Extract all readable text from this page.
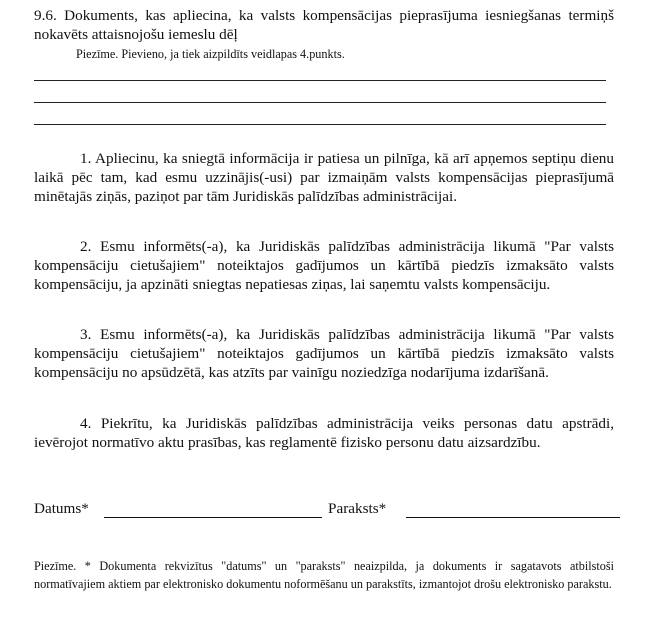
9.6. Dokuments, kas apliecina, ka valsts kompensācijas pieprasījuma iesniegšanas termiņš nokavēts attaisnojošu iemeslu dēļ

Piezīme. Pievieno, ja tiek aizpildīts veidlapas 4.punkts.

1. Apliecinu, ka sniegtā informācija ir patiesa un pilnīga, kā arī apņemos septiņu dienu laikā pēc tam, kad esmu uzzinājis(-usi) par izmaiņām valsts kompensācijas pieprasījumā minētajās ziņās, paziņot par tām Juridiskās palīdzības administrācijai.

2. Esmu informēts(-a), ka Juridiskās palīdzības administrācija likumā "Par valsts kompensāciju cietušajiem" noteiktajos gadījumos un kārtībā piedzīs izmaksāto valsts kompensāciju, ja apzināti sniegtas nepatiesas ziņas, lai saņemtu valsts kompensāciju.

3. Esmu informēts(-a), ka Juridiskās palīdzības administrācija likumā "Par valsts kompensāciju cietušajiem" noteiktajos gadījumos un kārtībā piedzīs izmaksāto valsts kompensāciju no apsūdzētā, kas atzīts par vainīgu noziedzīga nodarījuma izdarīšanā.

4. Piekrītu, ka Juridiskās palīdzības administrācija veiks personas datu apstrādi, ievērojot normatīvo aktu prasības, kas reglamentē fizisko personu datu aizsardzību.

Datums*	Paraksts*

Piezīme. * Dokumenta rekvizītus "datums" un "paraksts" neaizpilda, ja dokuments ir sagatavots atbilstoši normatīvajiem aktiem par elektronisko dokumentu noformēšanu un parakstīts, izmantojot drošu elektronisko parakstu.
